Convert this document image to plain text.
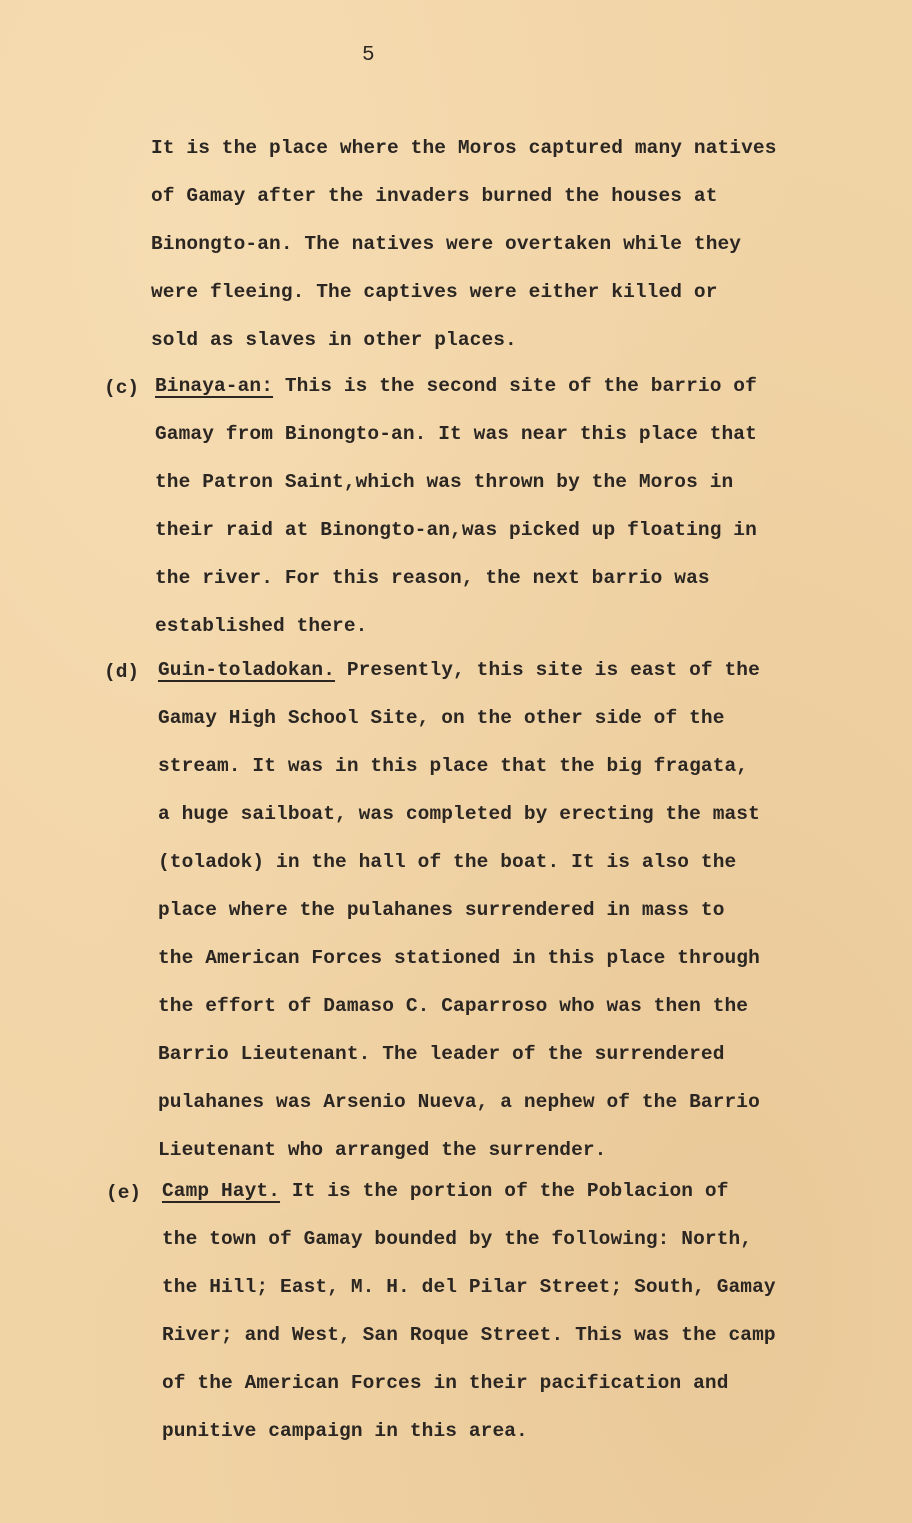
5
It is the place where the Moros captured many natives
of Gamay after the invaders burned the houses at
Binongto-an. The natives were overtaken while they
were fleeing. The captives were either killed or
sold as slaves in other places.
(c) Binaya-an: This is the second site of the barrio of
Gamay from Binongto-an. It was near this place that
the Patron Saint,which was thrown by the Moros in
their raid at Binongto-an,was picked up floating in
the river. For this reason, the next barrio was
established there.
(d) Guin-toladokan. Presently, this site is east of the
Gamay High School Site, on the other side of the
stream. It was in this place that the big fragata,
a huge sailboat, was completed by erecting the mast
(toladok) in the hall of the boat. It is also the
place where the pulahanes surrendered in mass to
the American Forces stationed in this place through
the effort of Damaso C. Caparroso who was then the
Barrio Lieutenant. The leader of the surrendered
pulahanes was Arsenio Nueva, a nephew of the Barrio
Lieutenant who arranged the surrender.
(e) Camp Hayt. It is the portion of the Poblacion of
the town of Gamay bounded by the following: North,
the Hill; East, M. H. del Pilar Street; South, Gamay
River; and West, San Roque Street. This was the camp
of the American Forces in their pacification and
punitive campaign in this area.
